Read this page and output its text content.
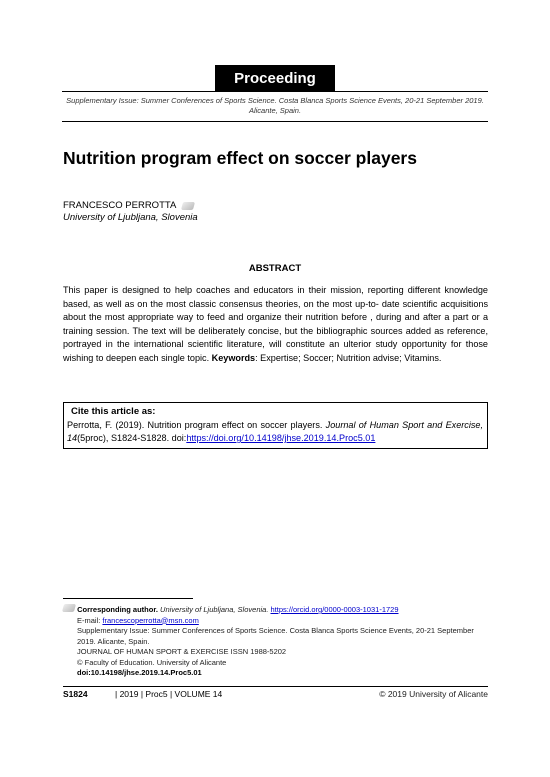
Proceeding
Supplementary Issue: Summer Conferences of Sports Science. Costa Blanca Sports Science Events, 20-21 September 2019. Alicante, Spain.
Nutrition program effect on soccer players
FRANCESCO PERROTTA
University of Ljubljana, Slovenia
ABSTRACT
This paper is designed to help coaches and educators in their mission, reporting different knowledge based, as well as on the most classic consensus theories, on the most up-to- date scientific acquisitions about the most appropriate way to feed and organize their nutrition before , during and after a part or a training session. The text will be deliberately concise, but the bibliographic sources added as reference, portrayed in the international scientific literature, will constitute an ulterior study opportunity for those wishing to deepen each single topic. Keywords: Expertise; Soccer; Nutrition advise; Vitamins.
Cite this article as:
Perrotta, F. (2019). Nutrition program effect on soccer players. Journal of Human Sport and Exercise, 14(5proc), S1824-S1828. doi:https://doi.org/10.14198/jhse.2019.14.Proc5.01
Corresponding author. University of Ljubljana, Slovenia. https://orcid.org/0000-0003-1031-1729
E-mail: francescoperrotta@msn.com
Supplementary Issue: Summer Conferences of Sports Science. Costa Blanca Sports Science Events, 20-21 September 2019. Alicante, Spain.
JOURNAL OF HUMAN SPORT & EXERCISE ISSN 1988-5202
© Faculty of Education. University of Alicante
doi:10.14198/jhse.2019.14.Proc5.01
S1824	| 2019 | Proc5 | VOLUME 14	© 2019 University of Alicante
